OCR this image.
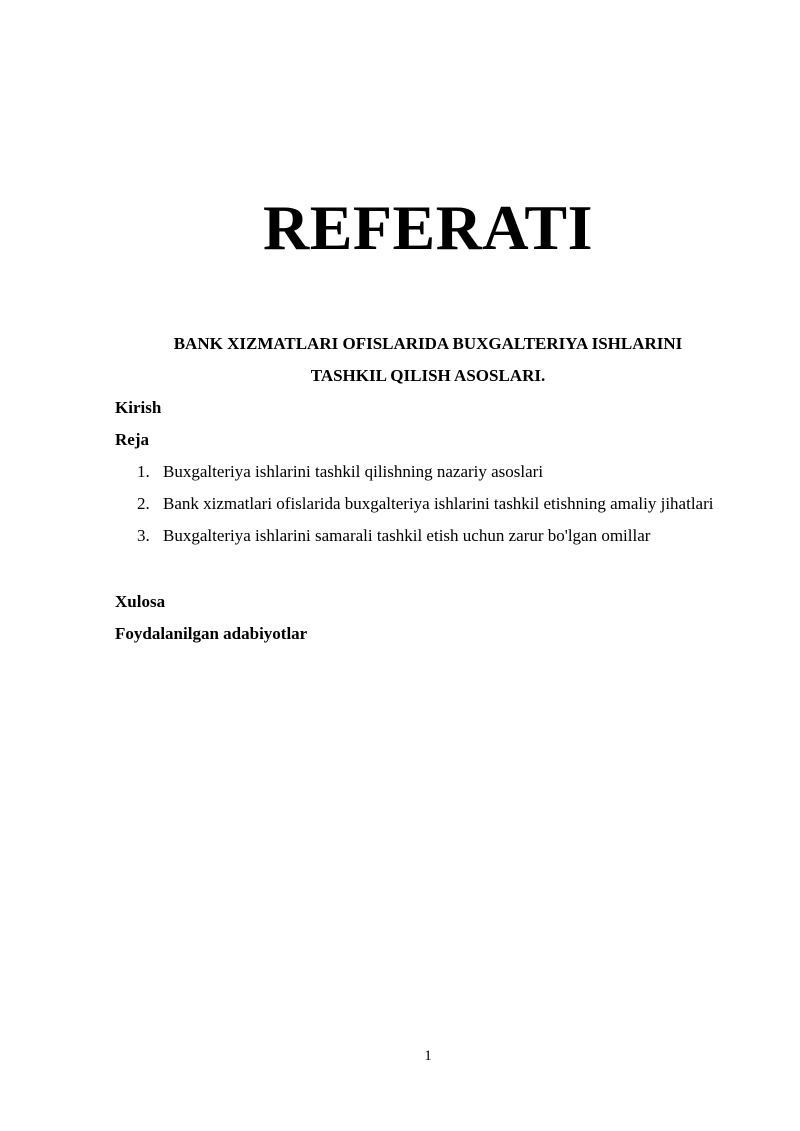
REFERATI
BANK XIZMATLARI OFISLARIDA BUXGALTERIYA ISHLARINI
TASHKIL QILISH ASOSLARI.
Kirish
Reja
1. Buxgalteriya ishlarini tashkil qilishning nazariy asoslari
2. Bank xizmatlari ofislarida buxgalteriya ishlarini tashkil etishning amaliy jihatlari
3. Buxgalteriya ishlarini samarali tashkil etish uchun zarur bo'lgan omillar
Xulosa
Foydalanilgan adabiyotlar
1
